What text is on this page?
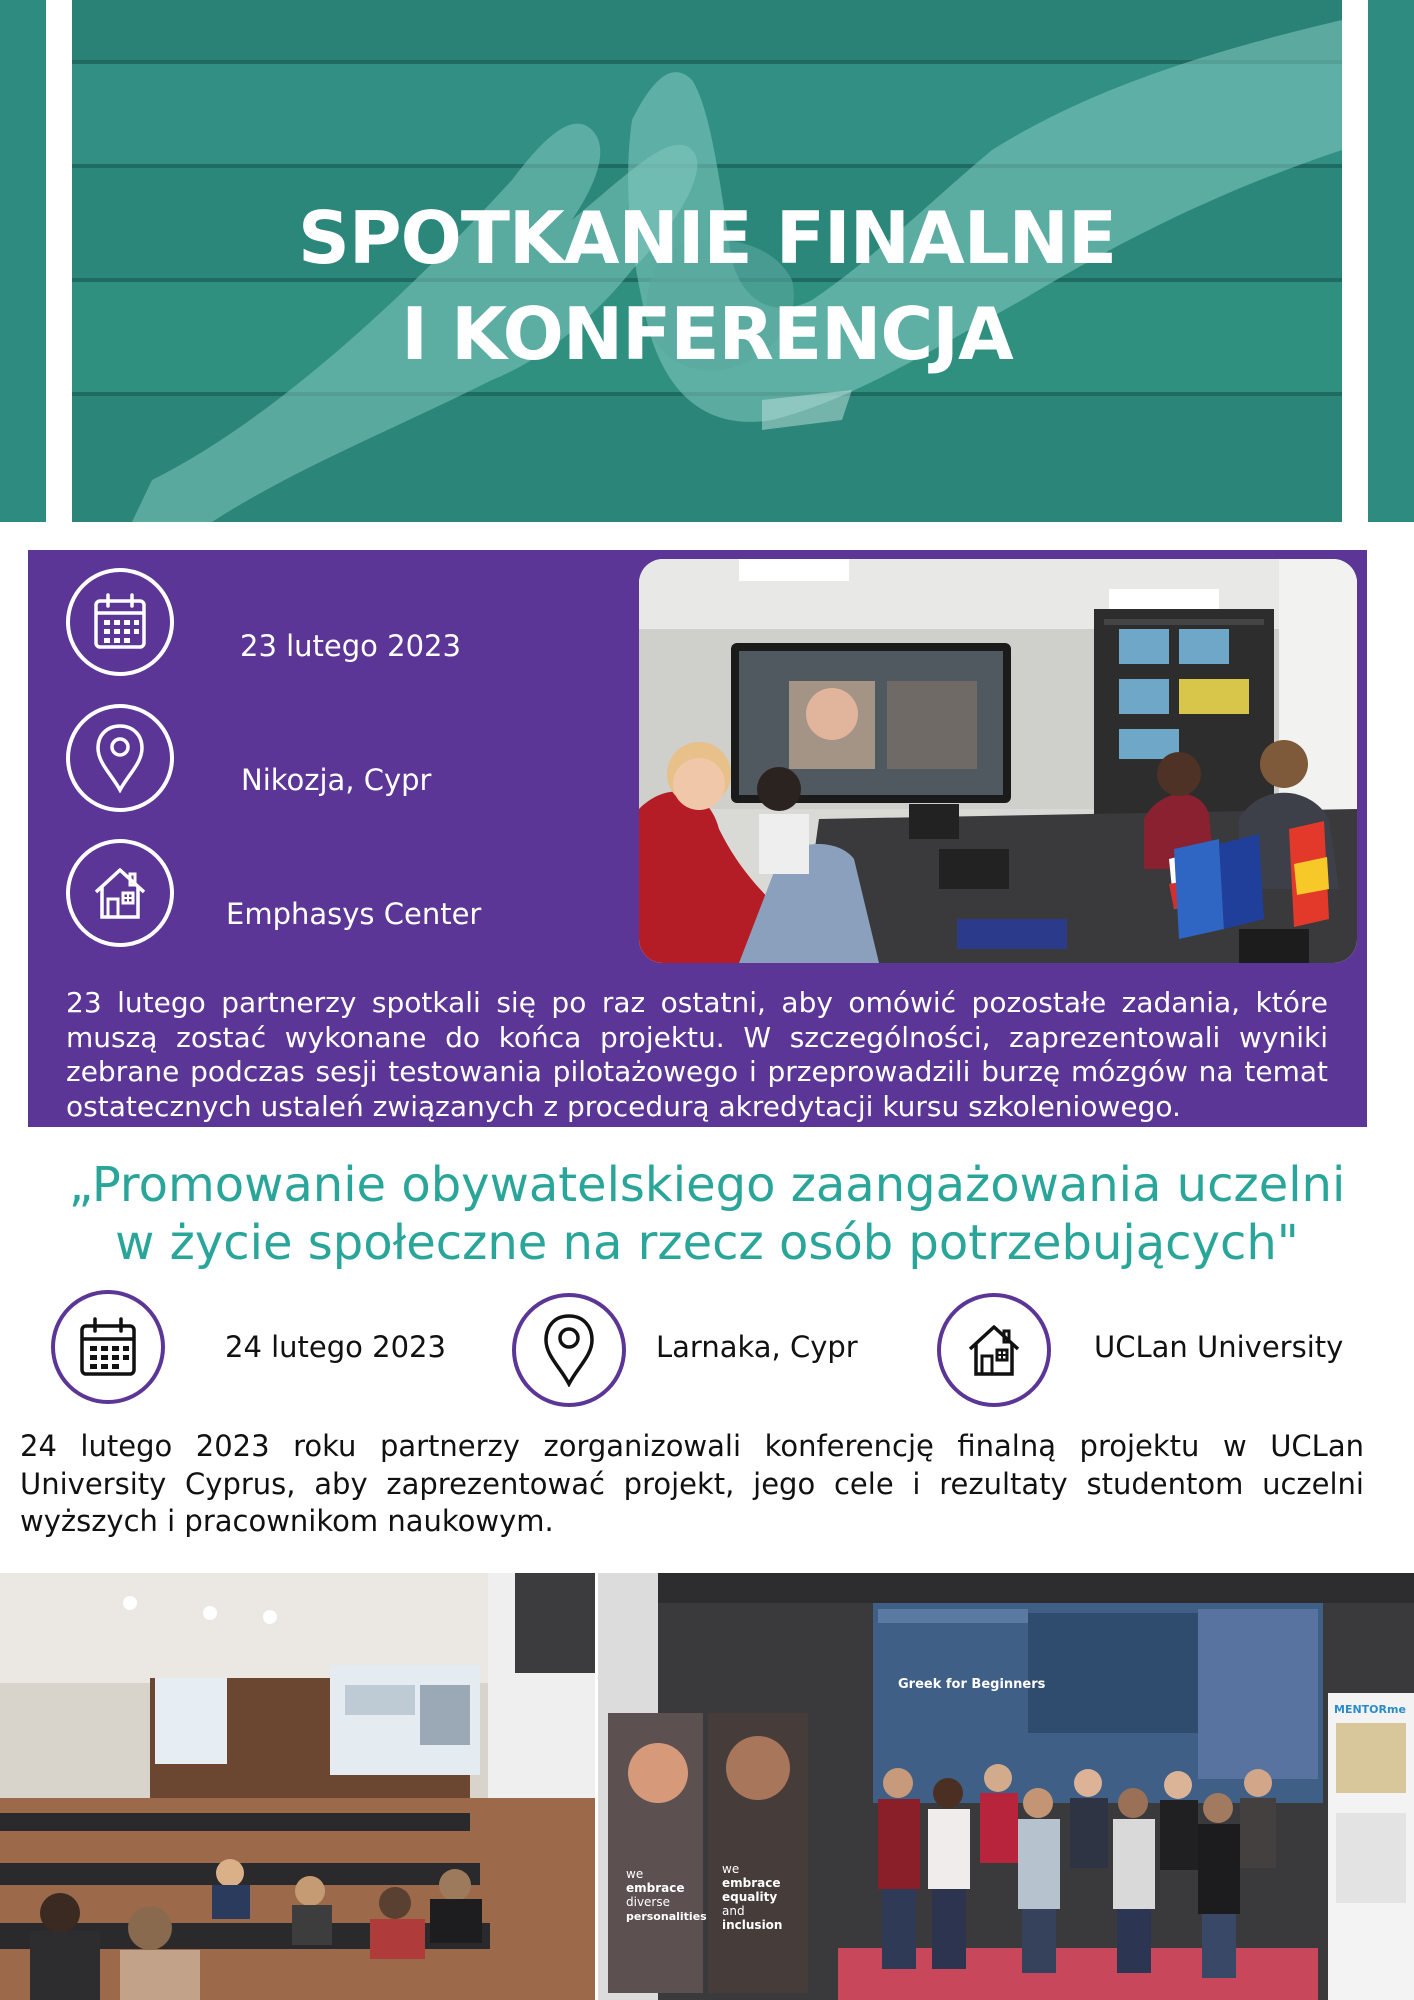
SPOTKANIE FINALNE
I KONFERENCJA
23 lutego 2023
Nikozja, Cypr
Emphasys Center
23 lutego partnerzy spotkali się po raz ostatni, aby omówić pozostałe zadania, które muszą zostać wykonane do końca projektu. W szczególności, zaprezentowali wyniki zebrane podczas sesji testowania pilotażowego i przeprowadzili burzę mózgów na temat ostatecznych ustaleń związanych z procedurą akredytacji kursu szkoleniowego.
„Promowanie obywatelskiego zaangażowania uczelni
w życie społeczne na rzecz osób potrzebujących"
24 lutego 2023	Larnaka, Cypr	UCLan University
24 lutego 2023 roku partnerzy zorganizowali konferencję finalną projektu w UCLan University Cyprus, aby zaprezentować projekt, jego cele i rezultaty studentom uczelni wyższych i pracownikom naukowym.
Greek for Beginners
we
embrace
diverse
personalities
we
embrace
equality
and
inclusion
MENTORme
